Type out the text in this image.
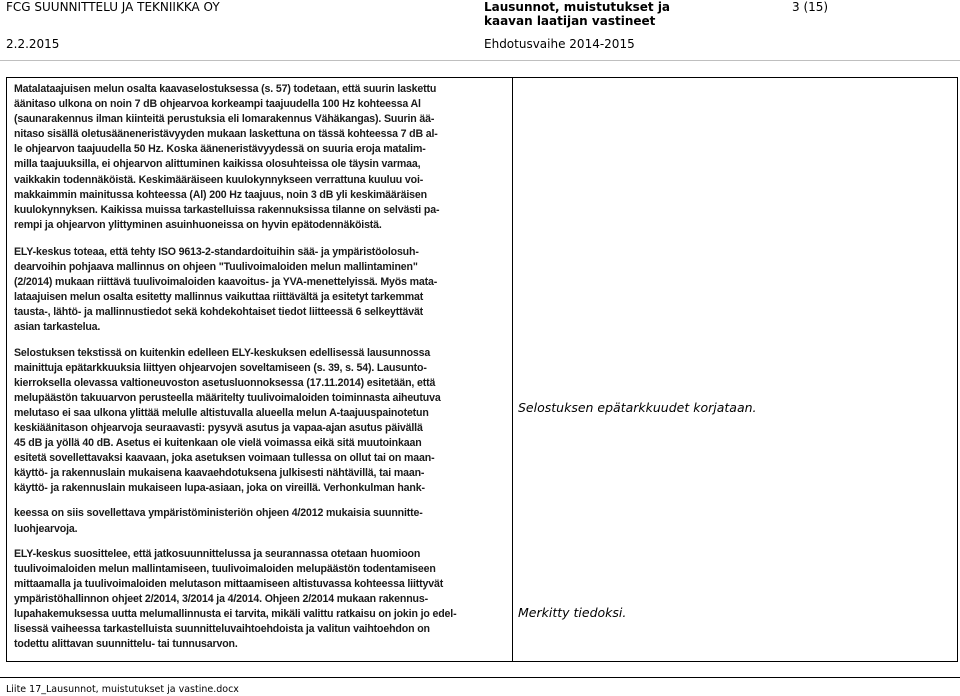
FCG SUUNNITTELU JA TEKNIIKKA OY	Lausunnot, muistutukset ja
kaavan laatijan vastineet
3 (15)
2.2.2015	Ehdotusvaihe 2014-2015

Matalataajuisen melun osalta kaavaselostuksessa (s. 57) todetaan, että suurin laskettu

äänitaso ulkona on noin 7 dB ohjearvoa korkeampi taajuudella 100 Hz kohteessa Al

(saunarakennus ilman kiinteitä perustuksia eli lomarakennus Vähäkangas). Suurin ää-

nitaso sisällä oletusääneneristävyyden mukaan laskettuna on tässä kohteessa 7 dB al-

le ohjearvon taajuudella 50 Hz. Koska ääneneristävyydessä on suuria eroja matalim-

milla taajuuksilla, ei ohjearvon alittuminen kaikissa olosuhteissa ole täysin varmaa,

vaikkakin todennäköistä. Keskimääräiseen kuulokynnykseen verrattuna kuuluu voi-

makkaimmin mainitussa kohteessa (Al) 200 Hz taajuus, noin 3 dB yli keskimääräisen

kuulokynnyksen. Kaikissa muissa tarkastelluissa rakennuksissa tilanne on selvästi pa-

rempi ja ohjearvon ylittyminen asuinhuoneissa on hyvin epätodennäköistä.

ELY-keskus toteaa, että tehty ISO 9613-2-standardoituihin sää- ja ympäristöolosuh-

dearvoihin pohjaava mallinnus on ohjeen "Tuulivoimaloiden melun mallintaminen"

(2/2014) mukaan riittävä tuulivoimaloiden kaavoitus- ja YVA-menettelyissä. Myös mata-

lataajuisen melun osalta esitetty mallinnus vaikuttaa riittävältä ja esitetyt tarkemmat

tausta-, lähtö- ja mallinnustiedot sekä kohdekohtaiset tiedot liitteessä 6 selkeyttävät

asian tarkastelua.

Selostuksen tekstissä on kuitenkin edelleen ELY-keskuksen edellisessä lausunnossa

mainittuja epätarkkuuksia liittyen ohjearvojen soveltamiseen (s. 39, s. 54). Lausunto-

kierroksella olevassa valtioneuvoston asetusluonnoksessa (17.11.2014) esitetään, että

melupäästön takuuarvon perusteella määritelty tuulivoimaloiden toiminnasta aiheutuva

melutaso ei saa ulkona ylittää melulle altistuvalla alueella melun A-taajuuspainotetun

keskiäänitason ohjearvoja seuraavasti: pysyvä asutus ja vapaa-ajan asutus päivällä

45 dB ja yöllä 40 dB. Asetus ei kuitenkaan ole vielä voimassa eikä sitä muutoinkaan

esitetä sovellettavaksi kaavaan, joka asetuksen voimaan tullessa on ollut tai on maan-

käyttö- ja rakennuslain mukaisena kaavaehdotuksena julkisesti nähtävillä, tai maan-

käyttö- ja rakennuslain mukaiseen lupa-asiaan, joka on vireillä. Verhonkulman hank-

keessa on siis sovellettava ympäristöministeriön ohjeen 4/2012 mukaisia suunnitte-

luohjearvoja.

ELY-keskus suosittelee, että jatkosuunnittelussa ja seurannassa otetaan huomioon

tuulivoimaloiden melun mallintamiseen, tuulivoimaloiden melupäästön todentamiseen

mittaamalla ja tuulivoimaloiden melutason mittaamiseen altistuvassa kohteessa liittyvät

ympäristöhallinnon ohjeet 2/2014, 3/2014 ja 4/2014. Ohjeen 2/2014 mukaan rakennus-

lupahakemuksessa uutta melumallinnusta ei tarvita, mikäli valittu ratkaisu on jokin jo edel-

lisessä vaiheessa tarkastelluista suunnitteluvaihtoehdoista ja valitun vaihtoehdon on

todettu alittavan suunnittelu- tai tunnusarvon.

Selostuksen epätarkkuudet korjataan.
Merkitty tiedoksi.
Liite 17_Lausunnot, muistutukset ja vastine.docx
